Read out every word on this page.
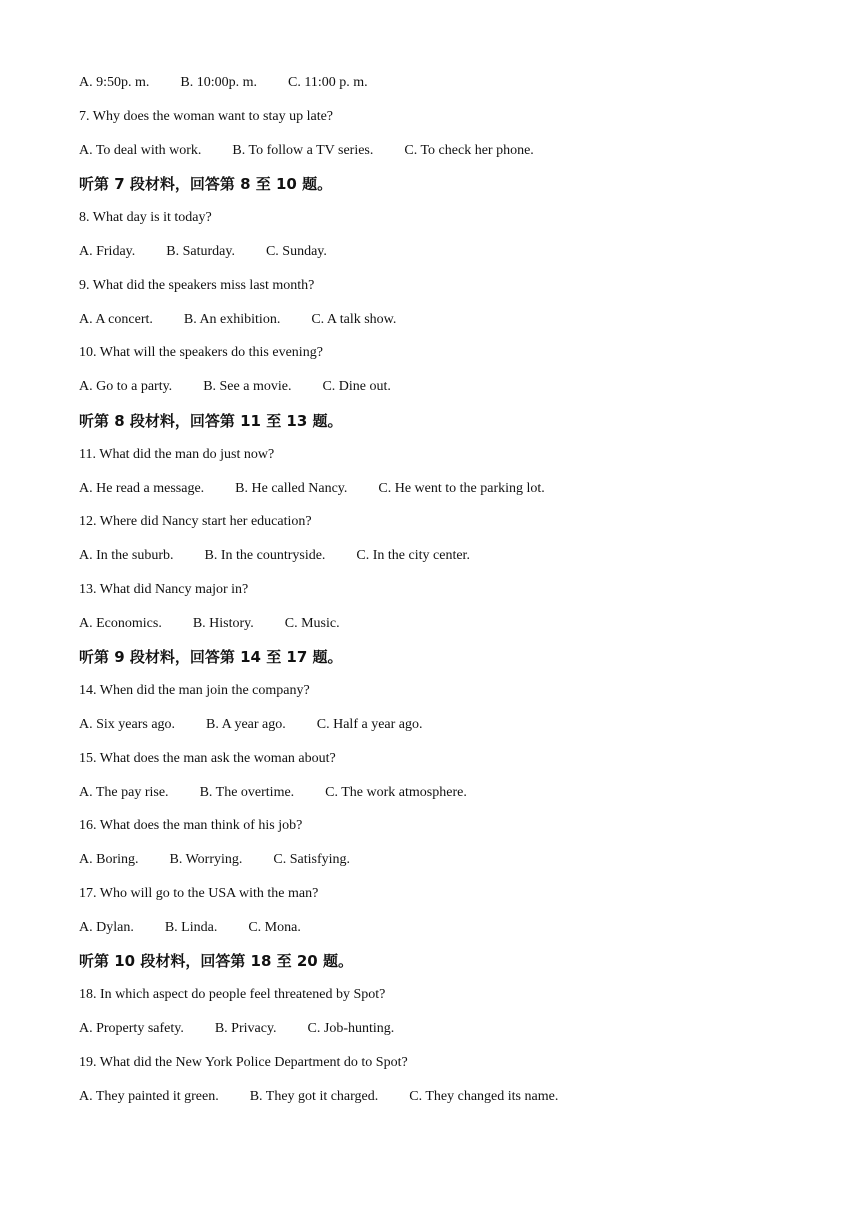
A. 9:50p. m. B. 10:00p. m. C. 11:00 p. m.
7. Why does the woman want to stay up late?
A. To deal with work. B. To follow a TV series. C. To check her phone.
听第 7 段材料，回答第 8 至 10 题。
8. What day is it today?
A. Friday. B. Saturday. C. Sunday.
9. What did the speakers miss last month?
A. A concert. B. An exhibition. C. A talk show.
10. What will the speakers do this evening?
A. Go to a party. B. See a movie. C. Dine out.
听第 8 段材料，回答第 11 至 13 题。
11. What did the man do just now?
A. He read a message. B. He called Nancy. C. He went to the parking lot.
12. Where did Nancy start her education?
A. In the suburb. B. In the countryside. C. In the city center.
13. What did Nancy major in?
A. Economics. B. History. C. Music.
听第 9 段材料，回答第 14 至 17 题。
14. When did the man join the company?
A. Six years ago. B. A year ago. C. Half a year ago.
15. What does the man ask the woman about?
A. The pay rise. B. The overtime. C. The work atmosphere.
16. What does the man think of his job?
A. Boring. B. Worrying. C. Satisfying.
17. Who will go to the USA with the man?
A. Dylan. B. Linda. C. Mona.
听第 10 段材料，回答第 18 至 20 题。
18. In which aspect do people feel threatened by Spot?
A. Property safety. B. Privacy. C. Job-hunting.
19. What did the New York Police Department do to Spot?
A. They painted it green. B. They got it charged. C. They changed its name.
